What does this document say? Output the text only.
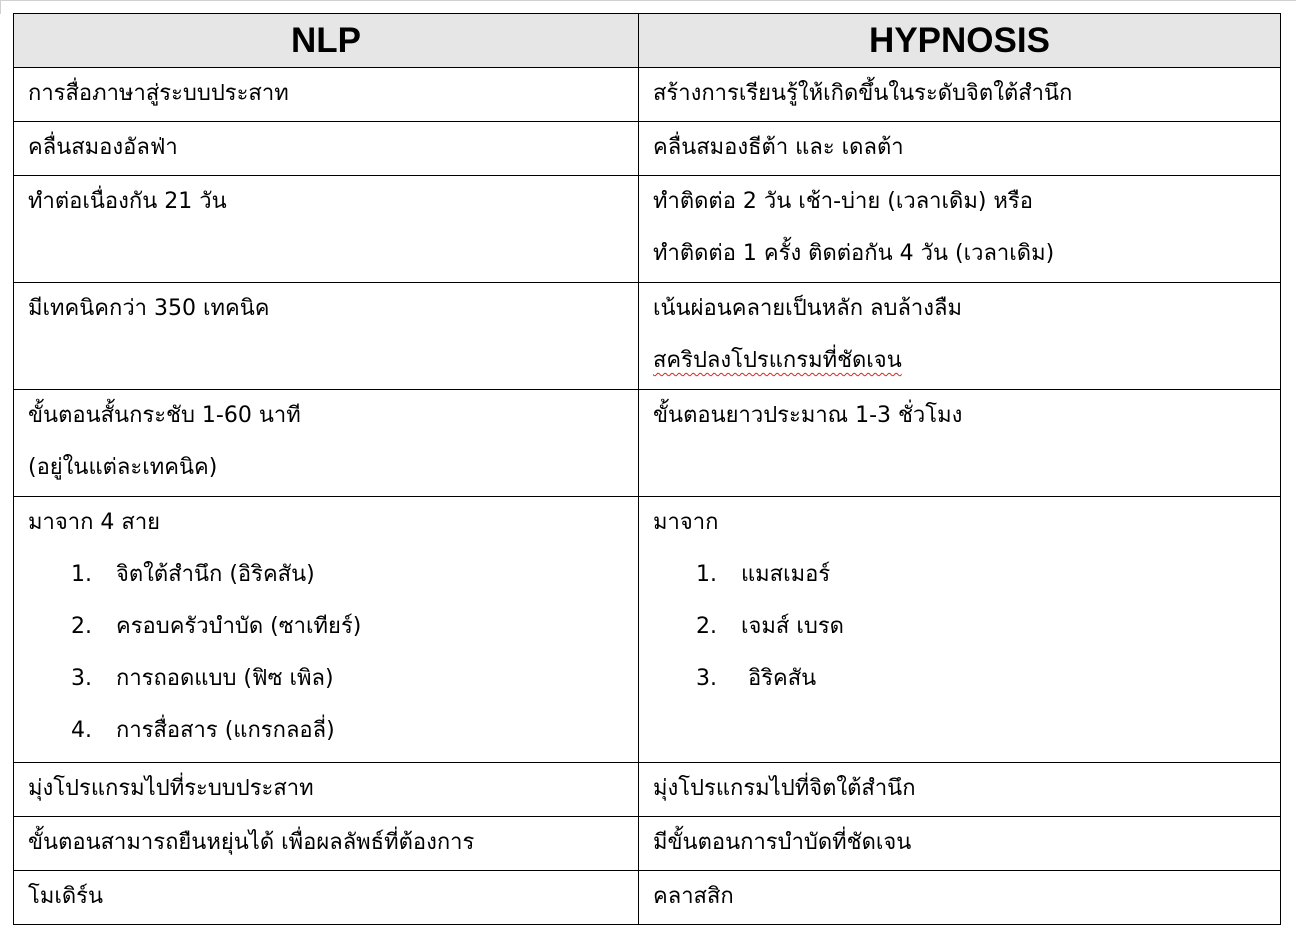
NLP	HYPNOSIS

การสื่อภาษาสู่ระบบประสาท	สร้างการเรียนรู้ให้เกิดขึ้นในระดับจิตใต้สำนึก

คลื่นสมองอัลฟ่า	คลื่นสมองธีต้า และ เดลต้า

ทำต่อเนื่องกัน 21 วัน	ทำติดต่อ 2 วัน เช้า-บ่าย (เวลาเดิม) หรือ
ทำติดต่อ 1 ครั้ง ติดต่อกัน 4 วัน (เวลาเดิม)

มีเทคนิคกว่า 350 เทคนิค	เน้นผ่อนคลายเป็นหลัก ลบล้างลืม
สคริปลงโปรแกรมที่ชัดเจน

ขั้นตอนสั้นกระชับ 1-60 นาที
(อยู่ในแต่ละเทคนิค)	ขั้นตอนยาวประมาณ 1-3 ชั่วโมง

มาจาก 4 สาย
1. จิตใต้สำนึก (อิริคสัน)
2. ครอบครัวบำบัด (ซาเทียร์)
3. การถอดแบบ (ฟิซ เพิล)
4. การสื่อสาร (แกรกลอลี่)	มาจาก
1. แมสเมอร์
2. เจมส์ เบรด
3. อิริคสัน

มุ่งโปรแกรมไปที่ระบบประสาท	มุ่งโปรแกรมไปที่จิตใต้สำนึก

ขั้นตอนสามารถยืนหยุ่นได้ เพื่อผลลัพธ์ที่ต้องการ	มีขั้นตอนการบำบัดที่ชัดเจน

โมเดิร์น	คลาสสิก
